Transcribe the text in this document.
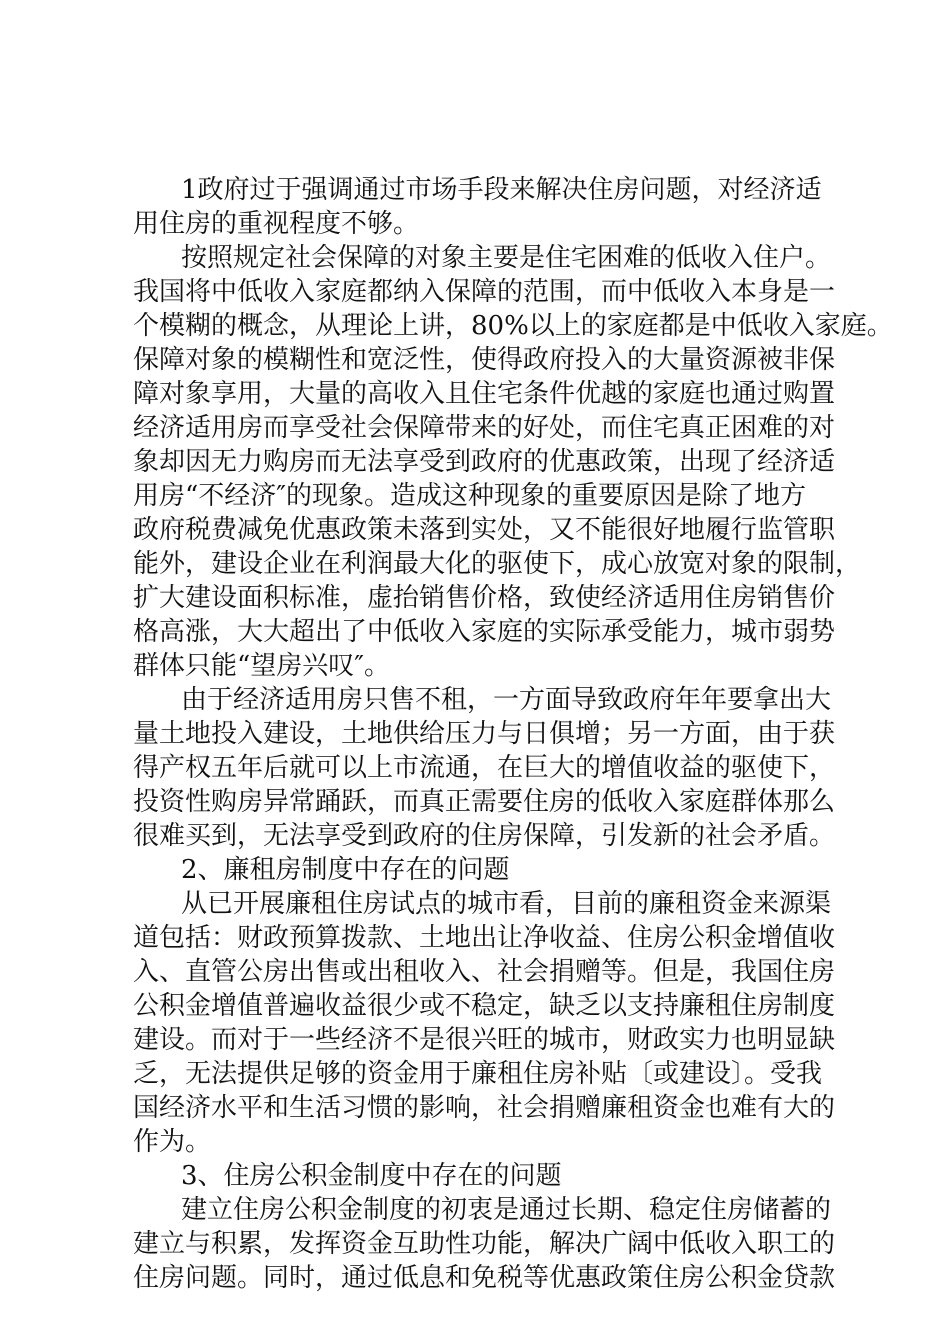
1政府过于强调通过市场手段来解决住房问题，对经济适

用住房的重视程度不够。

按照规定社会保障的对象主要是住宅困难的低收入住户。

我国将中低收入家庭都纳入保障的范围，而中低收入本身是一

个模糊的概念，从理论上讲，80%以上的家庭都是中低收入家庭。

保障对象的模糊性和宽泛性，使得政府投入的大量资源被非保

障对象享用，大量的高收入且住宅条件优越的家庭也通过购置

经济适用房而享受社会保障带来的好处，而住宅真正困难的对

象却因无力购房而无法享受到政府的优惠政策，出现了经济适

用房“不经济″的现象。造成这种现象的重要原因是除了地方

政府税费减免优惠政策未落到实处，又不能很好地履行监管职

能外，建设企业在利润最大化的驱使下，成心放宽对象的限制，

扩大建设面积标准，虚抬销售价格，致使经济适用住房销售价

格高涨，大大超出了中低收入家庭的实际承受能力，城市弱势

群体只能“望房兴叹″。

由于经济适用房只售不租，一方面导致政府年年要拿出大

量土地投入建设，土地供给压力与日俱增；另一方面，由于获

得产权五年后就可以上市流通，在巨大的增值收益的驱使下，

投资性购房异常踊跃，而真正需要住房的低收入家庭群体那么

很难买到，无法享受到政府的住房保障，引发新的社会矛盾。

2、廉租房制度中存在的问题

从已开展廉租住房试点的城市看，目前的廉租资金来源渠

道包括：财政预算拨款、土地出让净收益、住房公积金增值收

入、直管公房出售或出租收入、社会捐赠等。但是，我国住房

公积金增值普遍收益很少或不稳定，缺乏以支持廉租住房制度

建设。而对于一些经济不是很兴旺的城市，财政实力也明显缺

乏，无法提供足够的资金用于廉租住房补贴〔或建设〕。受我

国经济水平和生活习惯的影响，社会捐赠廉租资金也难有大的

作为。

3、住房公积金制度中存在的问题

建立住房公积金制度的初衷是通过长期、稳定住房储蓄的

建立与积累，发挥资金互助性功能，解决广阔中低收入职工的

住房问题。同时，通过低息和免税等优惠政策住房公积金贷款
